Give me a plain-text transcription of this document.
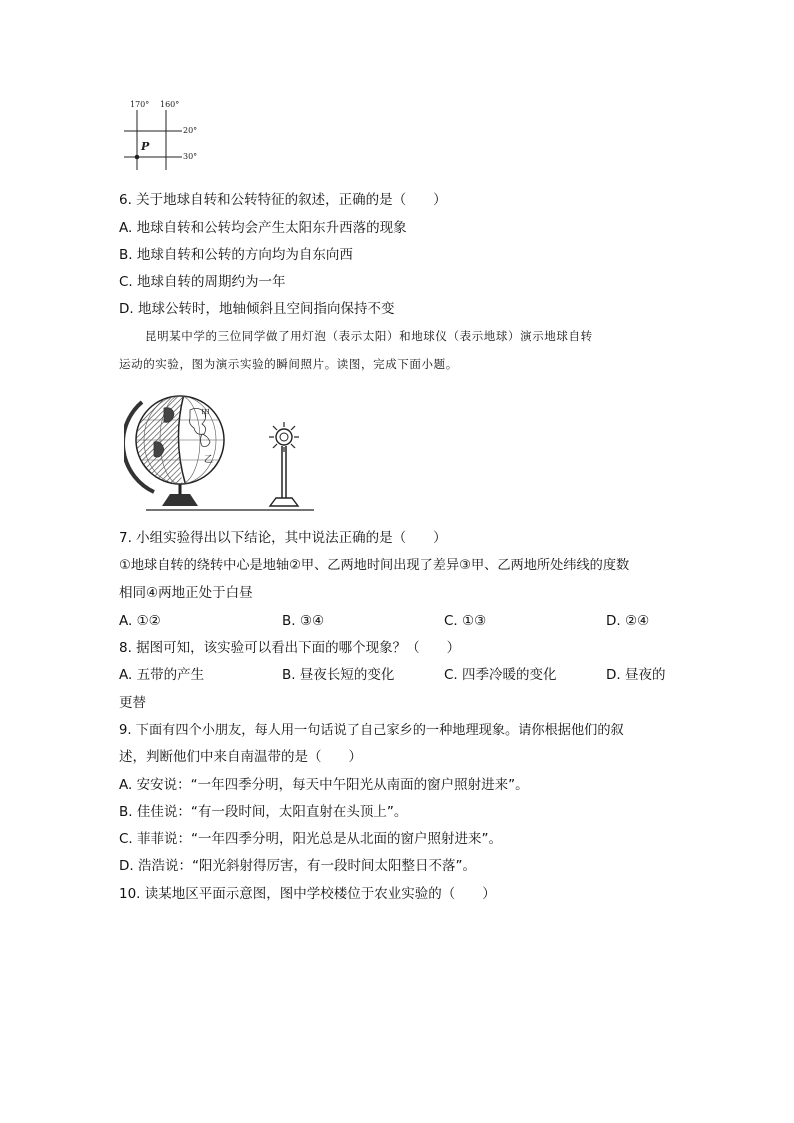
170° 160°
20°
30°
P
6. 关于地球自转和公转特征的叙述，正确的是（　　）
A. 地球自转和公转均会产生太阳东升西落的现象
B. 地球自转和公转的方向均为自东向西
C. 地球自转的周期约为一年
D. 地球公转时，地轴倾斜且空间指向保持不变
昆明某中学的三位同学做了用灯泡（表示太阳）和地球仪（表示地球）演示地球自转
运动的实验，图为演示实验的瞬间照片。读图，完成下面小题。
甲
乙
7. 小组实验得出以下结论，其中说法正确的是（　　）
①地球自转的绕转中心是地轴②甲、乙两地时间出现了差异③甲、乙两地所处纬线的度数
相同④两地正处于白昼
A. ①②	B. ③④	C. ①③	D. ②④
8. 据图可知，该实验可以看出下面的哪个现象？（　　）
A. 五带的产生	B. 昼夜长短的变化	C. 四季冷暖的变化	D. 昼夜的
更替
9. 下面有四个小朋友，每人用一句话说了自己家乡的一种地理现象。请你根据他们的叙
述，判断他们中来自南温带的是（　　）
A. 安安说：“一年四季分明，每天中午阳光从南面的窗户照射进来”。
B. 佳佳说：“有一段时间，太阳直射在头顶上”。
C. 菲菲说：“一年四季分明，阳光总是从北面的窗户照射进来”。
D. 浩浩说：“阳光斜射得厉害，有一段时间太阳整日不落”。
10. 读某地区平面示意图，图中学校楼位于农业实验的（　　）
